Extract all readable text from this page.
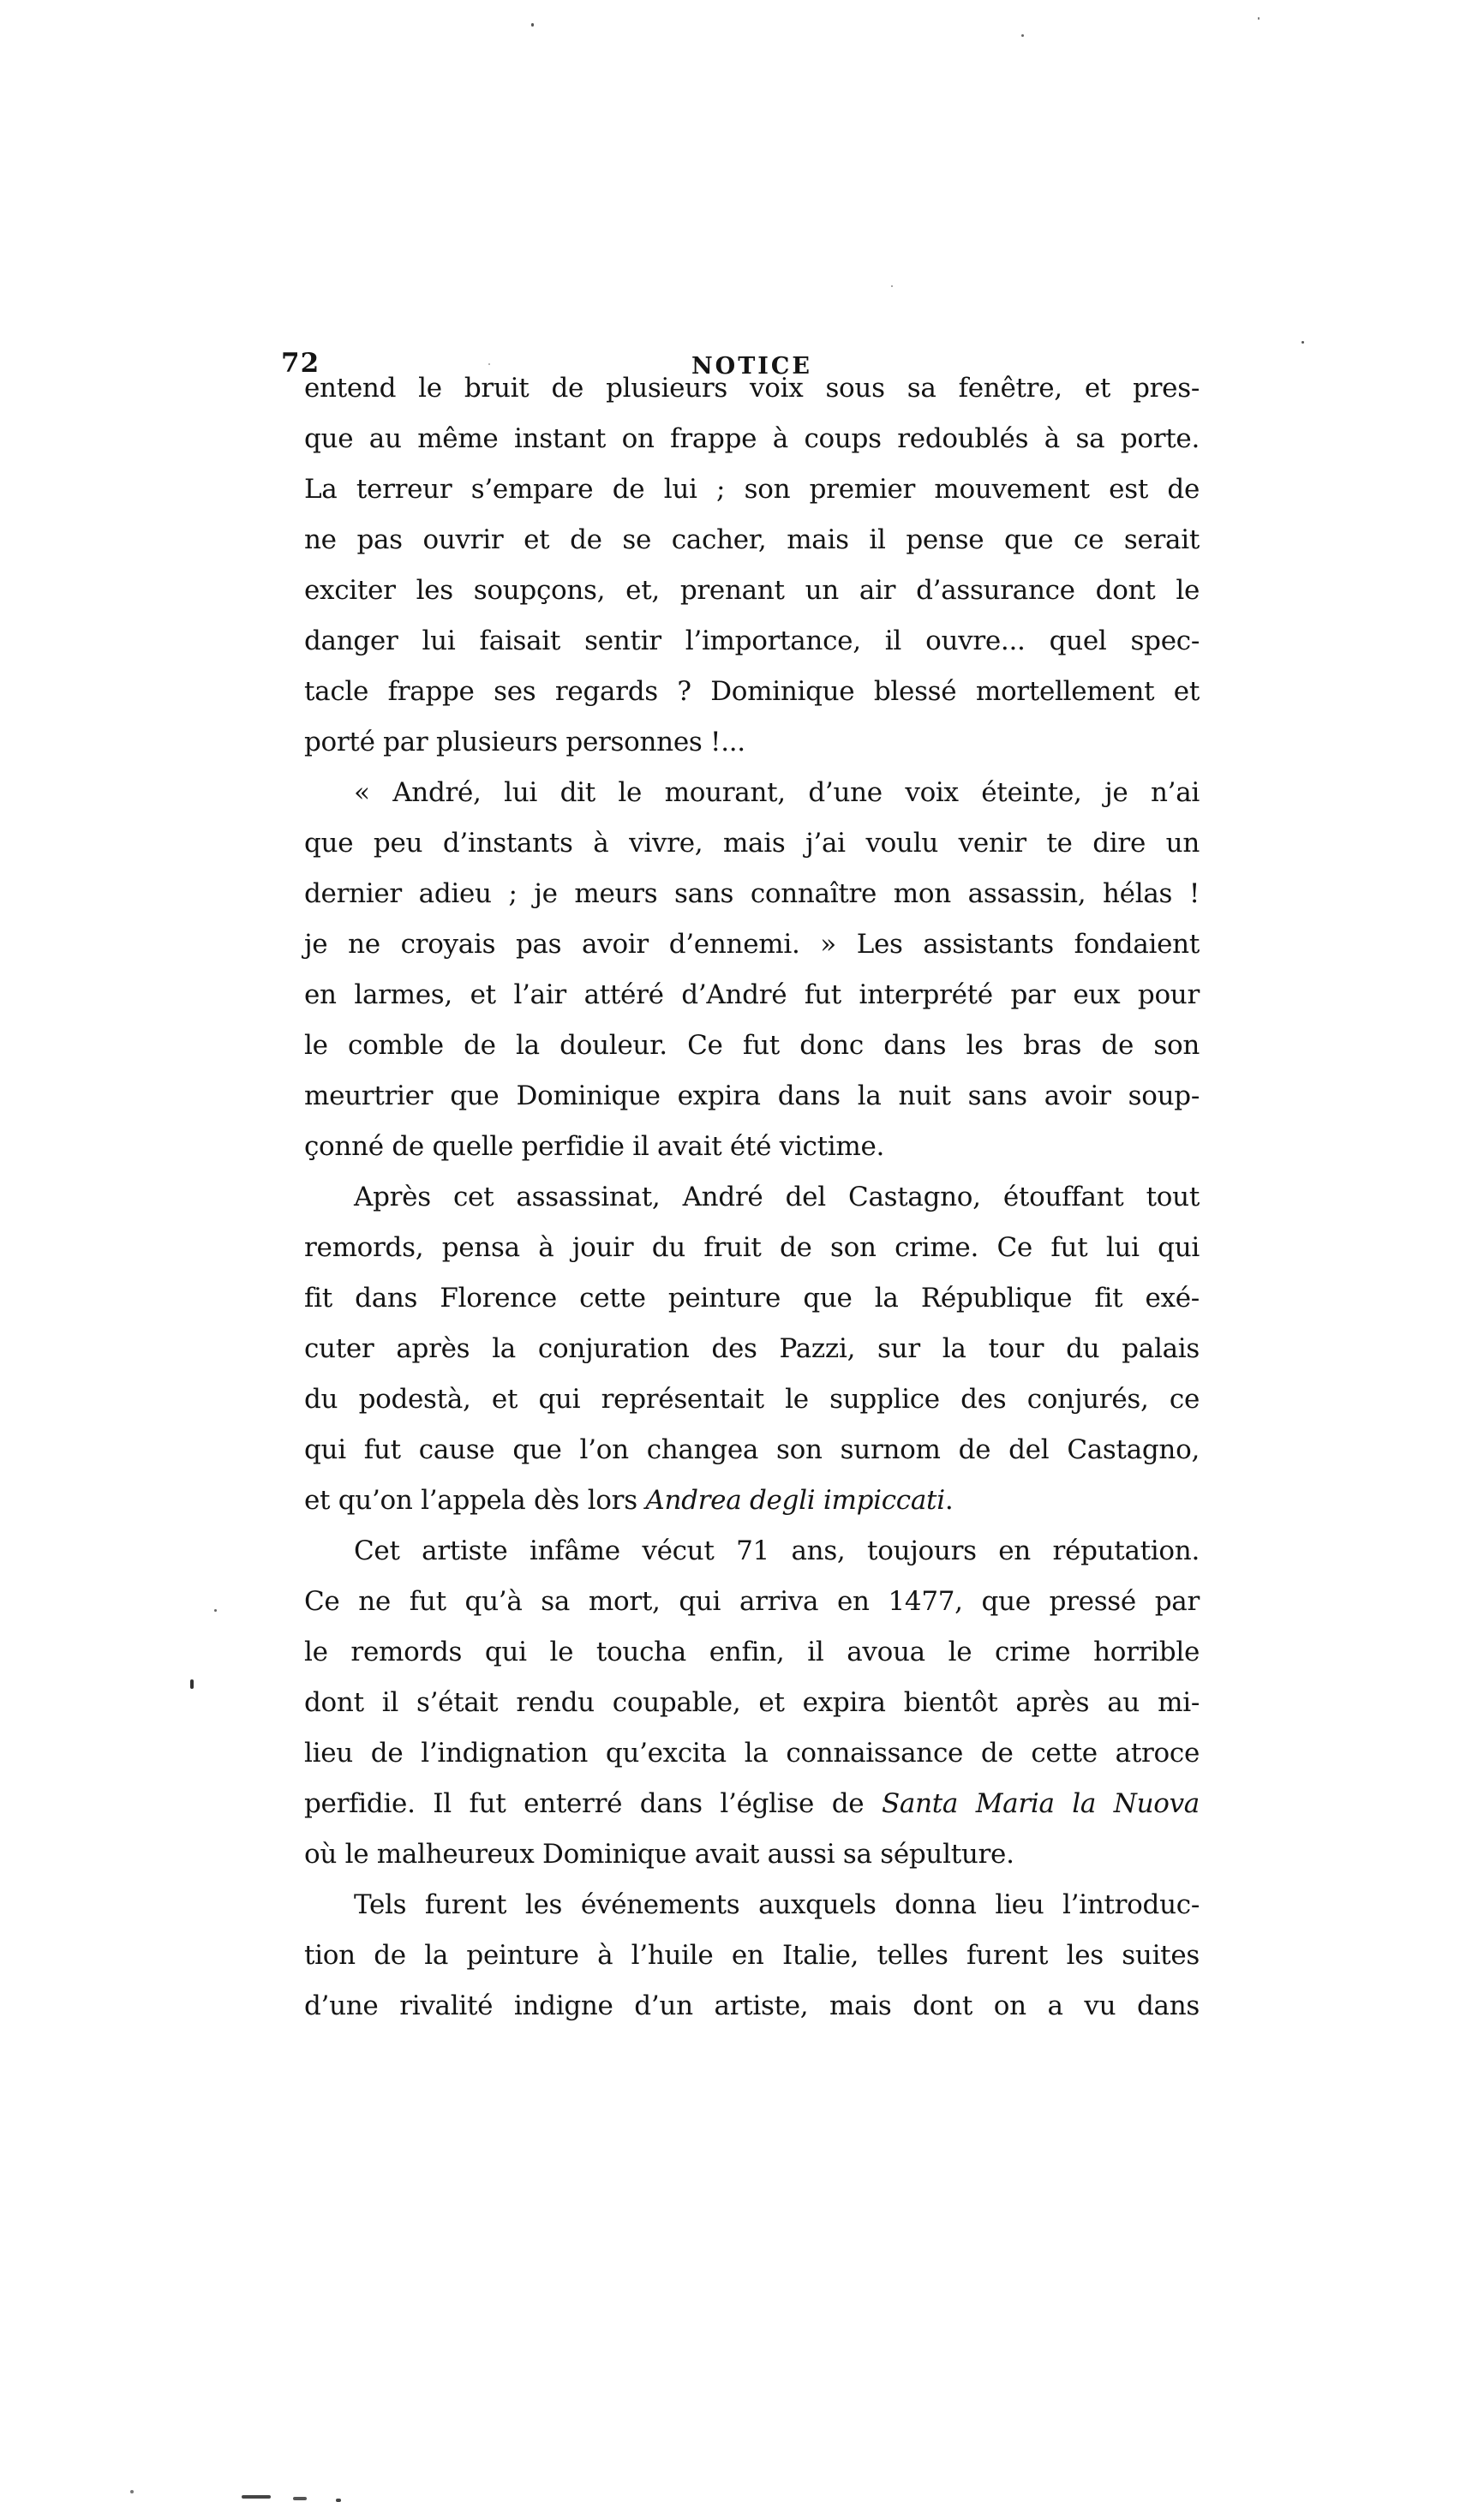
72	NOTICE
entend le bruit de plusieurs voix sous sa fenêtre, et pres-
que au même instant on frappe à coups redoublés à sa porte.
La terreur s’empare de lui ; son premier mouvement est de
ne pas ouvrir et de se cacher, mais il pense que ce serait
exciter les soupçons, et, prenant un air d’assurance dont le
danger lui faisait sentir l’importance, il ouvre... quel spec-
tacle frappe ses regards ? Dominique blessé mortellement et
porté par plusieurs personnes !...
« André, lui dit le mourant, d’une voix éteinte, je n’ai
que peu d’instants à vivre, mais j’ai voulu venir te dire un
dernier adieu ; je meurs sans connaître mon assassin, hélas !
je ne croyais pas avoir d’ennemi. » Les assistants fondaient
en larmes, et l’air attéré d’André fut interprété par eux pour
le comble de la douleur. Ce fut donc dans les bras de son
meurtrier que Dominique expira dans la nuit sans avoir soup-
çonné de quelle perfidie il avait été victime.
Après cet assassinat, André del Castagno, étouffant tout
remords, pensa à jouir du fruit de son crime. Ce fut lui qui
fit dans Florence cette peinture que la République fit exé-
cuter après la conjuration des Pazzi, sur la tour du palais
du podestà, et qui représentait le supplice des conjurés, ce
qui fut cause que l’on changea son surnom de del Castagno,
et qu’on l’appela dès lors Andrea degli impiccati.
Cet artiste infâme vécut 71 ans, toujours en réputation.
Ce ne fut qu’à sa mort, qui arriva en 1477, que pressé par
le remords qui le toucha enfin, il avoua le crime horrible
dont il s’était rendu coupable, et expira bientôt après au mi-
lieu de l’indignation qu’excita la connaissance de cette atroce
perfidie. Il fut enterré dans l’église de Santa Maria la Nuova
où le malheureux Dominique avait aussi sa sépulture.
Tels furent les événements auxquels donna lieu l’introduc-
tion de la peinture à l’huile en Italie, telles furent les suites
d’une rivalité indigne d’un artiste, mais dont on a vu dans
